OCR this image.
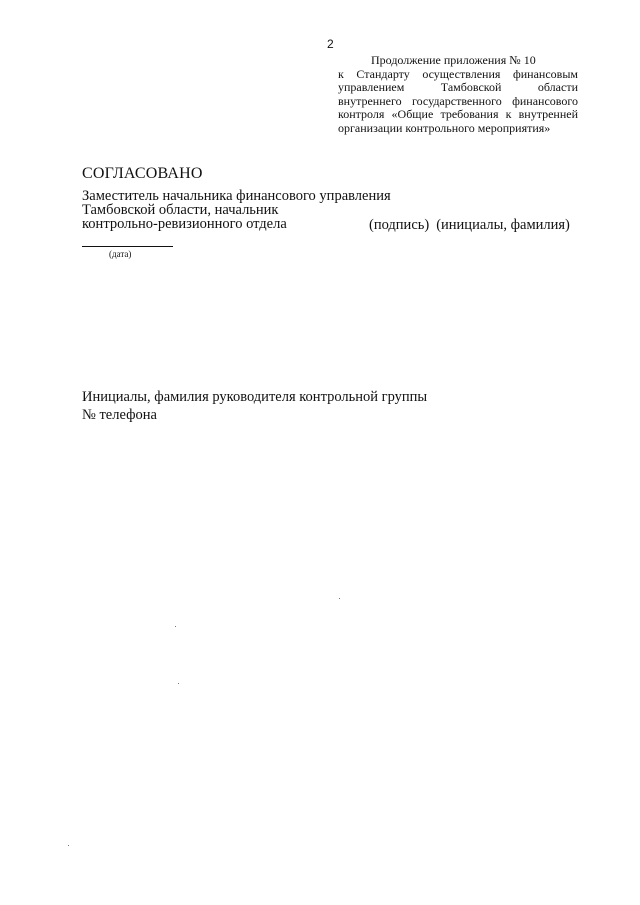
2
Продолжение приложения № 10
к Стандарту осуществления финансовым
управлением Тамбовской области
внутреннего государственного финансового
контроля «Общие требования к внутренней
организации контрольного мероприятия»
СОГЛАСОВАНО
Заместитель начальника финансового управления
Тамбовской области, начальник
контрольно-ревизионного отдела	(подпись) (инициалы, фамилия)
(дата)
Инициалы, фамилия руководителя контрольной группы
№ телефона
